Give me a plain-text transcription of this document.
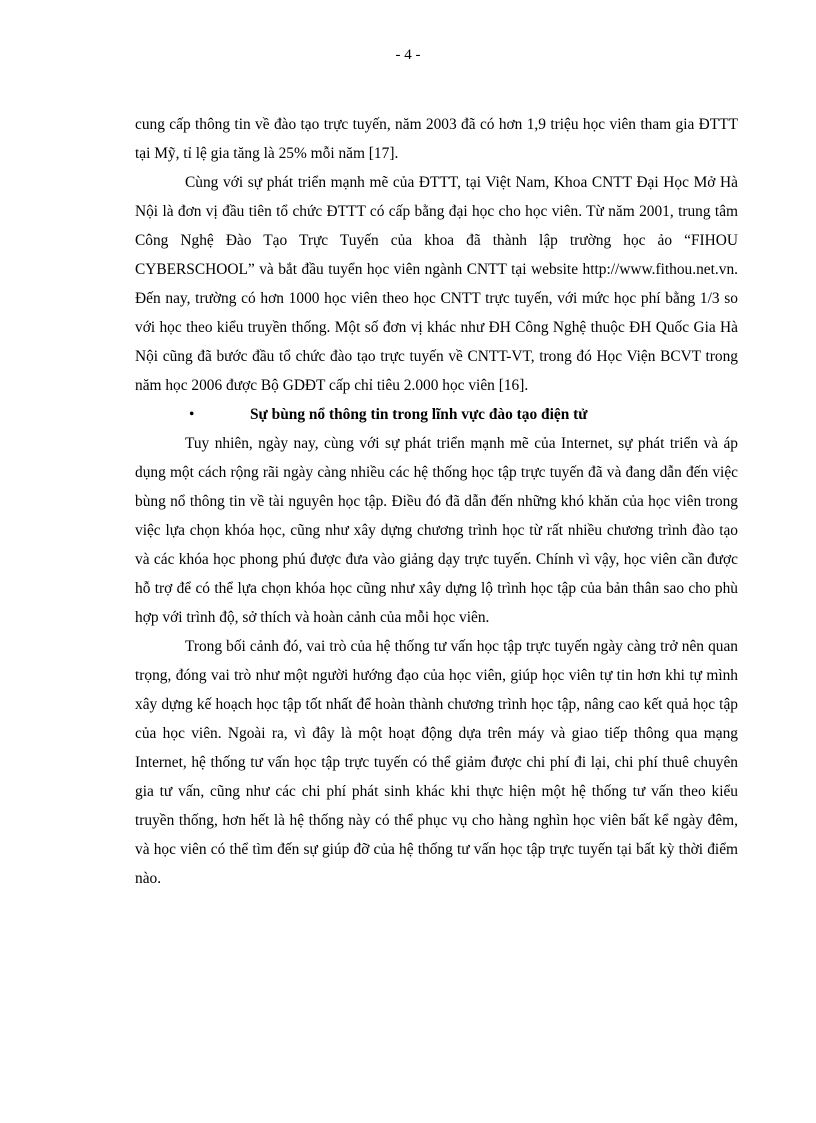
- 4 -

cung cấp thông tin về đào tạo trực tuyến, năm 2003 đã có hơn 1,9 triệu học viên tham gia ĐTTT tại Mỹ, tỉ lệ gia tăng là 25% mỗi năm [17].

Cùng với sự phát triển mạnh mẽ của ĐTTT, tại Việt Nam, Khoa CNTT Đại Học Mở Hà Nội là đơn vị đầu tiên tổ chức ĐTTT có cấp bằng đại học cho học viên. Từ năm 2001, trung tâm Công Nghệ Đào Tạo Trực Tuyến của khoa đã thành lập trường học ảo “FIHOU CYBERSCHOOL” và bắt đầu tuyển học viên ngành CNTT tại website http://www.fithou.net.vn. Đến nay, trường có hơn 1000 học viên theo học CNTT trực tuyến, với mức học phí bằng 1/3 so với học theo kiểu truyền thống. Một số đơn vị khác như ĐH Công Nghệ thuộc ĐH Quốc Gia Hà Nội cũng đã bước đầu tổ chức đào tạo trực tuyến về CNTT-VT, trong đó Học Viện BCVT trong năm học 2006 được Bộ GDĐT cấp chỉ tiêu 2.000 học viên [16].

•	Sự bùng nổ thông tin trong lĩnh vực đào tạo điện tử

Tuy nhiên, ngày nay, cùng với sự phát triển mạnh mẽ của Internet, sự phát triển và áp dụng một cách rộng rãi ngày càng nhiều các hệ thống học tập trực tuyến đã và đang dẫn đến việc bùng nổ thông tin về tài nguyên học tập. Điều đó đã dẫn đến những khó khăn của học viên trong việc lựa chọn khóa học, cũng như xây dựng chương trình học từ rất nhiều chương trình đào tạo và các khóa học phong phú được đưa vào giảng dạy trực tuyến. Chính vì vậy, học viên cần được hỗ trợ để có thể lựa chọn khóa học cũng như xây dựng lộ trình học tập của bản thân sao cho phù hợp với trình độ, sở thích và hoàn cảnh của mỗi học viên.

Trong bối cảnh đó, vai trò của hệ thống tư vấn học tập trực tuyến ngày càng trở nên quan trọng, đóng vai trò như một người hướng đạo của học viên, giúp học viên tự tin hơn khi tự mình xây dựng kế hoạch học tập tốt nhất để hoàn thành chương trình học tập, nâng cao kết quả học tập của học viên. Ngoài ra, vì đây là một hoạt động dựa trên máy và giao tiếp thông qua mạng Internet, hệ thống tư vấn học tập trực tuyến có thể giảm được chi phí đi lại, chi phí thuê chuyên gia tư vấn, cũng như các chi phí phát sinh khác khi thực hiện một hệ thống tư vấn theo kiểu truyền thống, hơn hết là hệ thống này có thể phục vụ cho hàng nghìn học viên bất kể ngày đêm, và học viên có thể tìm đến sự giúp đỡ của hệ thống tư vấn học tập trực tuyến tại bất kỳ thời điểm nào.
